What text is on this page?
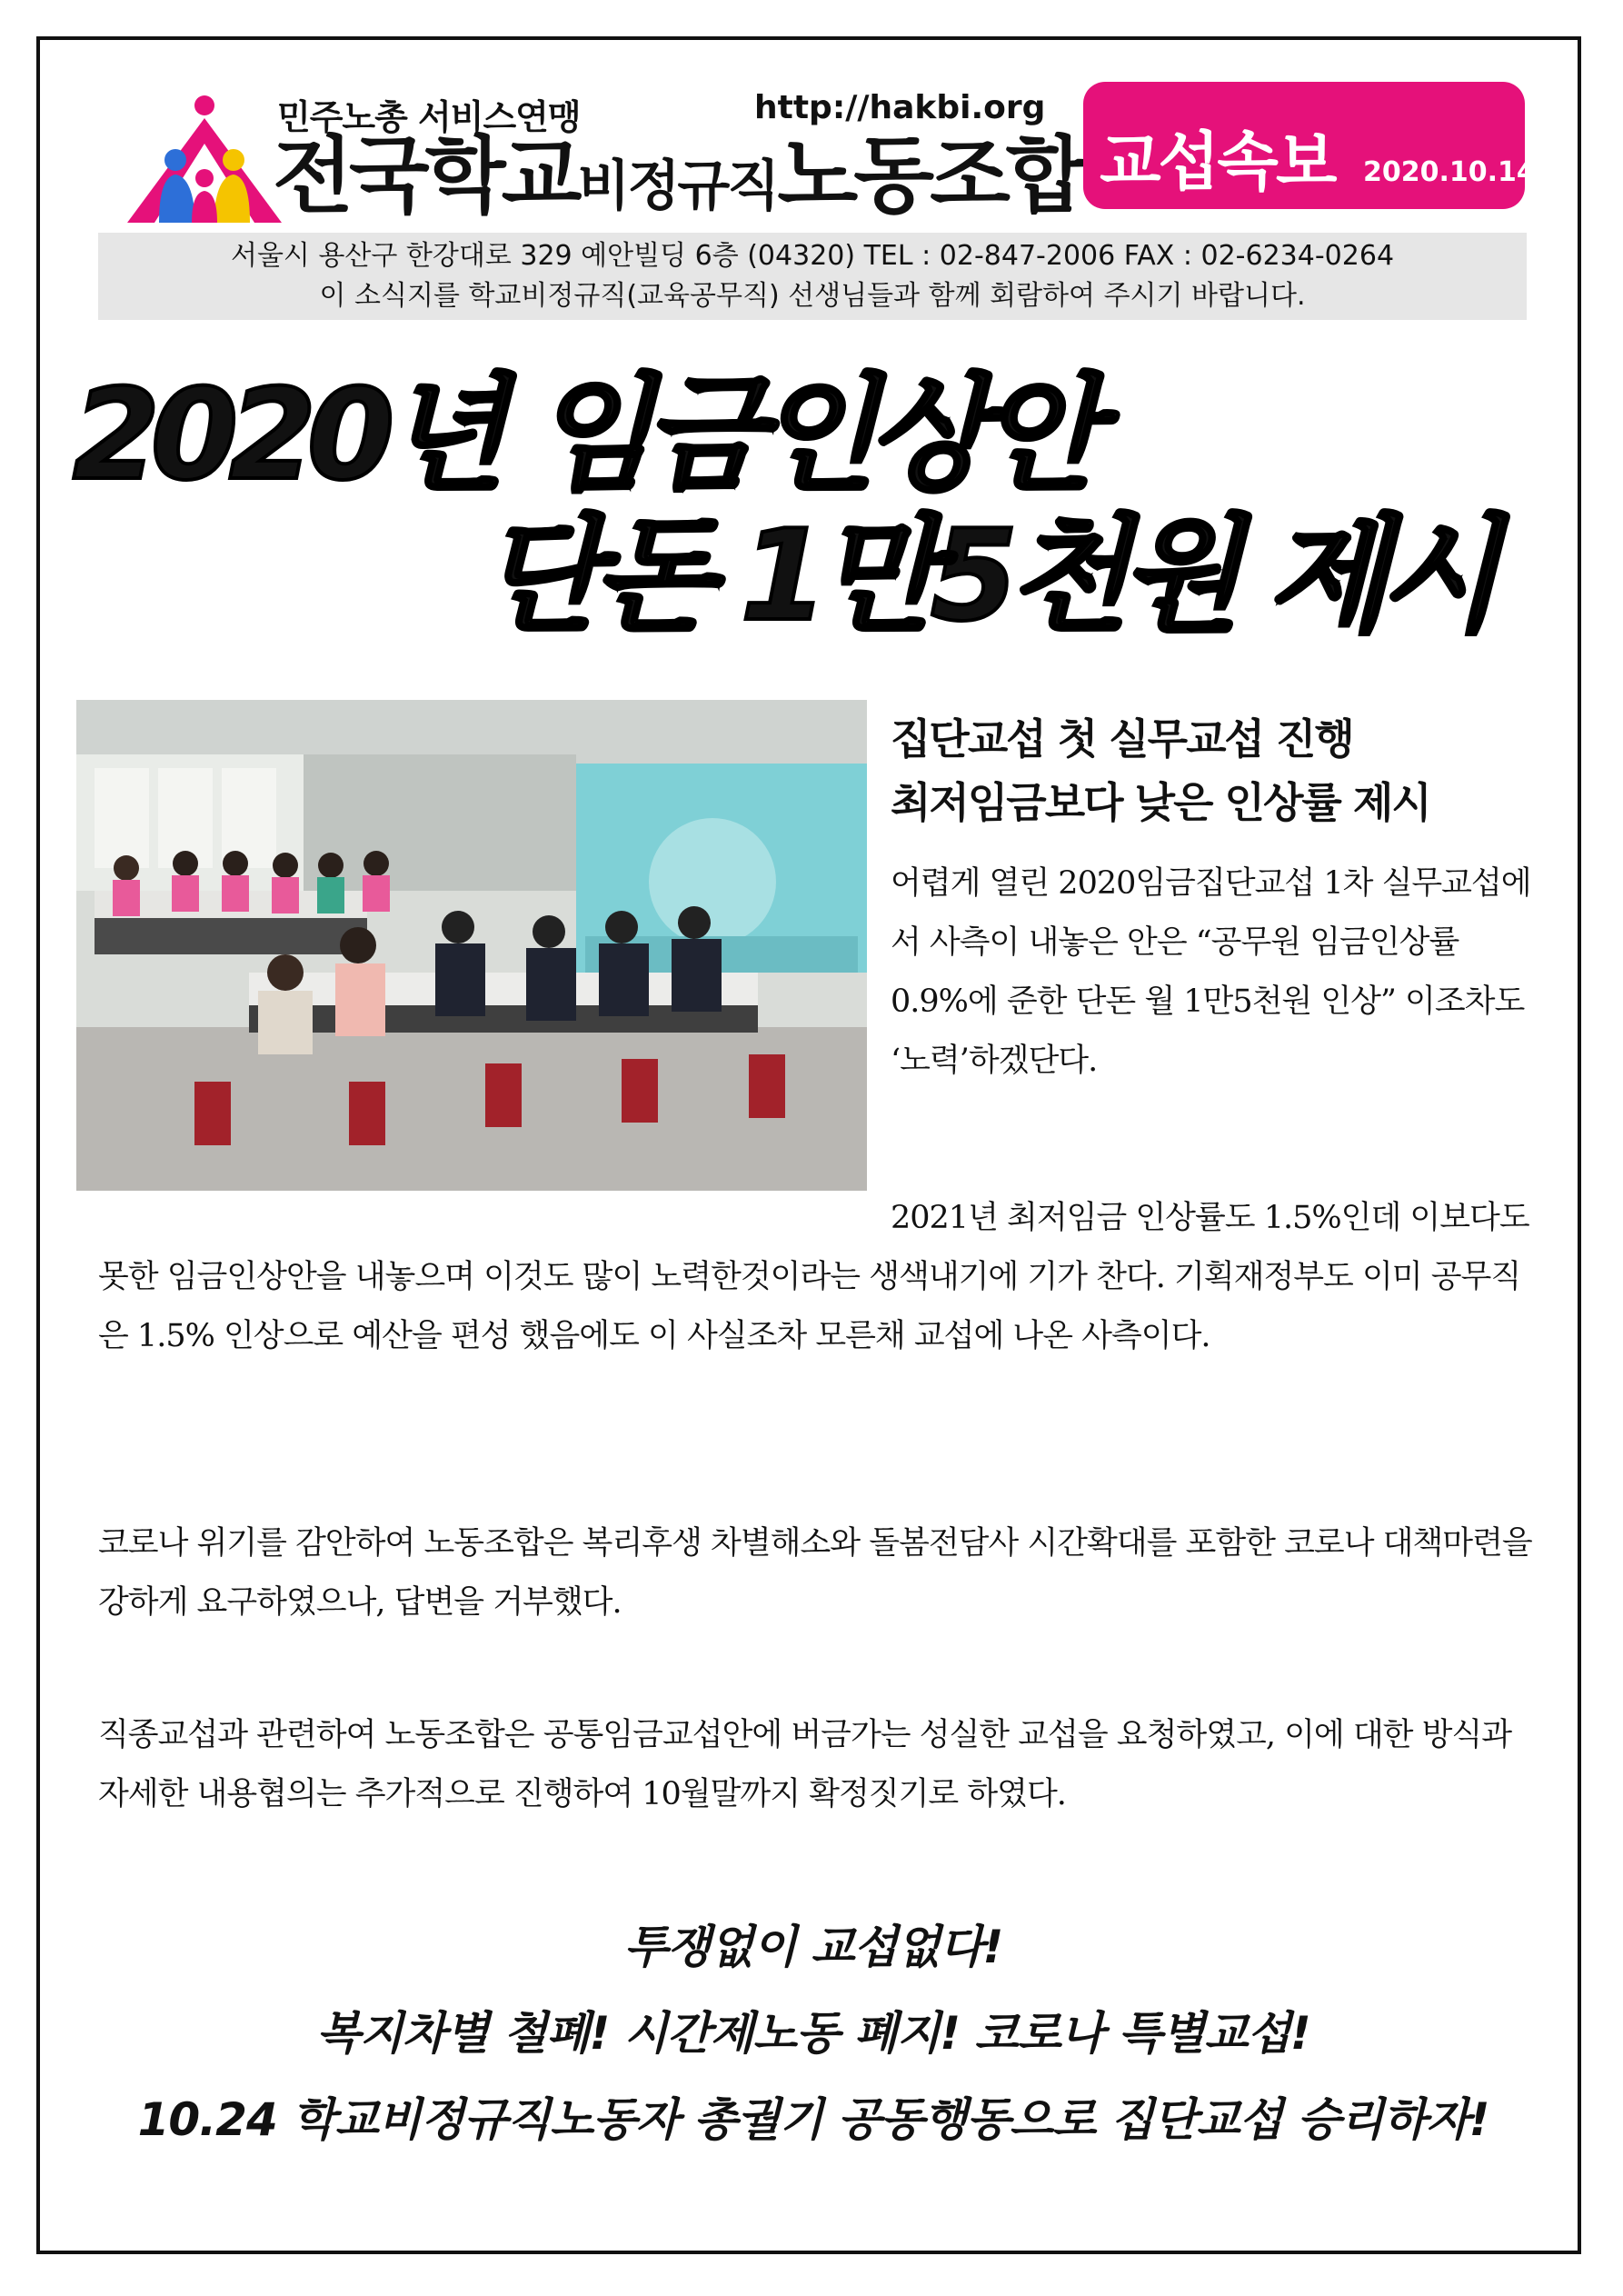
민주노총 서비스연맹	http://hakbi.org
전국학교비정규직노동조합 교섭속보 2020.10.14
서울시 용산구 한강대로 329 예안빌딩 6층 (04320) TEL : 02-847-2006 FAX : 02-6234-0264
이 소식지를 학교비정규직(교육공무직) 선생님들과 함께 회람하여 주시기 바랍니다.
2020년 임금인상안
단돈 1만5천원 제시
집단교섭 첫 실무교섭 진행
최저임금보다 낮은 인상률 제시
어렵게 열린 2020임금집단교섭 1차 실무교섭에서 사측이 내놓은 안은 “공무원 임금인상률 0.9%에 준한 단돈 월 1만5천원 인상” 이조차도 ‘노력’하겠단다.
2021년 최저임금 인상률도 1.5%인데 이보다도 못한 임금인상안을 내놓으며 이것도 많이 노력한것이라는 생색내기에 기가 찬다. 기획재정부도 이미 공무직은 1.5% 인상으로 예산을 편성 했음에도 이 사실조차 모른채 교섭에 나온 사측이다.
코로나 위기를 감안하여 노동조합은 복리후생 차별해소와 돌봄전담사 시간확대를 포함한 코로나 대책마련을 강하게 요구하였으나, 답변을 거부했다.
직종교섭과 관련하여 노동조합은 공통임금교섭안에 버금가는 성실한 교섭을 요청하였고, 이에 대한 방식과 자세한 내용협의는 추가적으로 진행하여 10월말까지 확정짓기로 하였다.
투쟁없이 교섭없다!
복지차별 철폐! 시간제노동 폐지! 코로나 특별교섭!
10.24 학교비정규직노동자 총궐기 공동행동으로 집단교섭 승리하자!
